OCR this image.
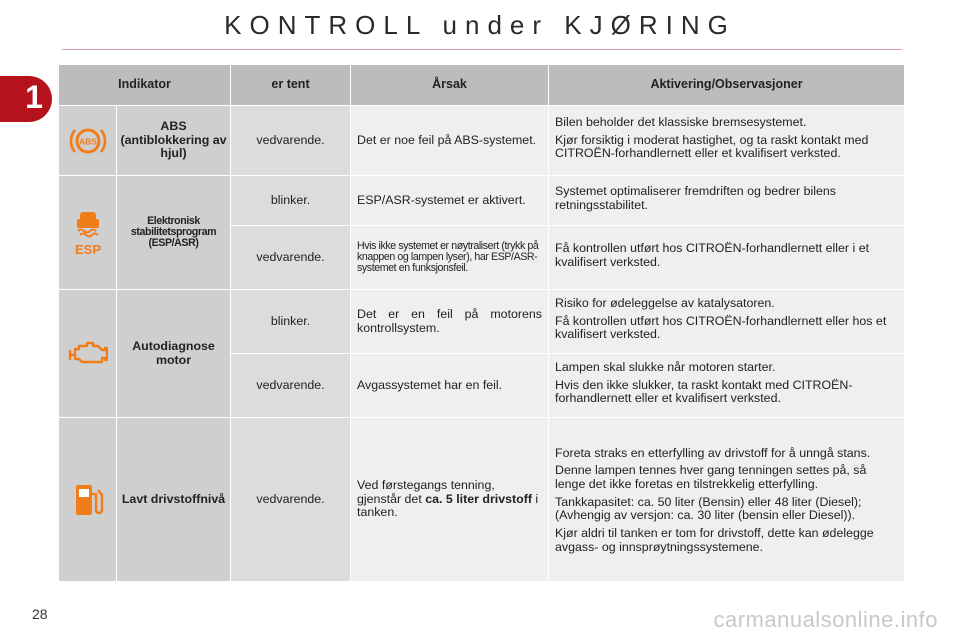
KONTROLL under KJØRING
1	Indikator		er tent	Årsak	Aktivering/Observasjoner

ABS	ABS (antiblokkering av hjul)	vedvarende.	Det er noe feil på ABS-systemet.	Bilen beholder det klassiske bremsesystemet.

Kjør forsiktig i moderat hastighet, og ta raskt kontakt med CITROËN-forhandlernett eller et kvalifisert verksted.

ESP	Elektronisk stabilitetsprogram (ESP/ASR)	blinker.	ESP/ASR-systemet er aktivert.	Systemet optimaliserer fremdriften og bedrer bilens retningsstabilitet.

		vedvarende.	Hvis ikke systemet er nøytralisert (trykk på knappen og lampen lyser), har ESP/ASR-systemet en funksjonsfeil.	Få kontrollen utført hos CITROËN-forhandlernett eller i et kvalifisert verksted.

	Autodiagnose motor	blinker.	Det er en feil på motorens kontrollsystem.	Risiko for ødeleggelse av katalysatoren.

Få kontrollen utført hos CITROËN-forhandlernett eller hos et kvalifisert verksted.

		vedvarende.	Avgassystemet har en feil.	Lampen skal slukke når motoren starter.

Hvis den ikke slukker, ta raskt kontakt med CITROËN-forhandlernett eller et kvalifisert verksted.

	Lavt drivstoffnivå	vedvarende.	Ved førstegangs tenning, gjenstår det ca. 5 liter drivstoff i tanken.	Foreta straks en etterfylling av drivstoff for å unngå stans.

Denne lampen tennes hver gang tenningen settes på, så lenge det ikke foretas en tilstrekkelig etterfylling.

Tankkapasitet: ca. 50 liter (Bensin) eller 48 liter (Diesel); (Avhengig av versjon: ca. 30 liter (bensin eller Diesel)).

Kjør aldri til tanken er tom for drivstoff, dette kan ødelegge avgass- og innsprøytningssystemene.

28	carmanualsonline.info
